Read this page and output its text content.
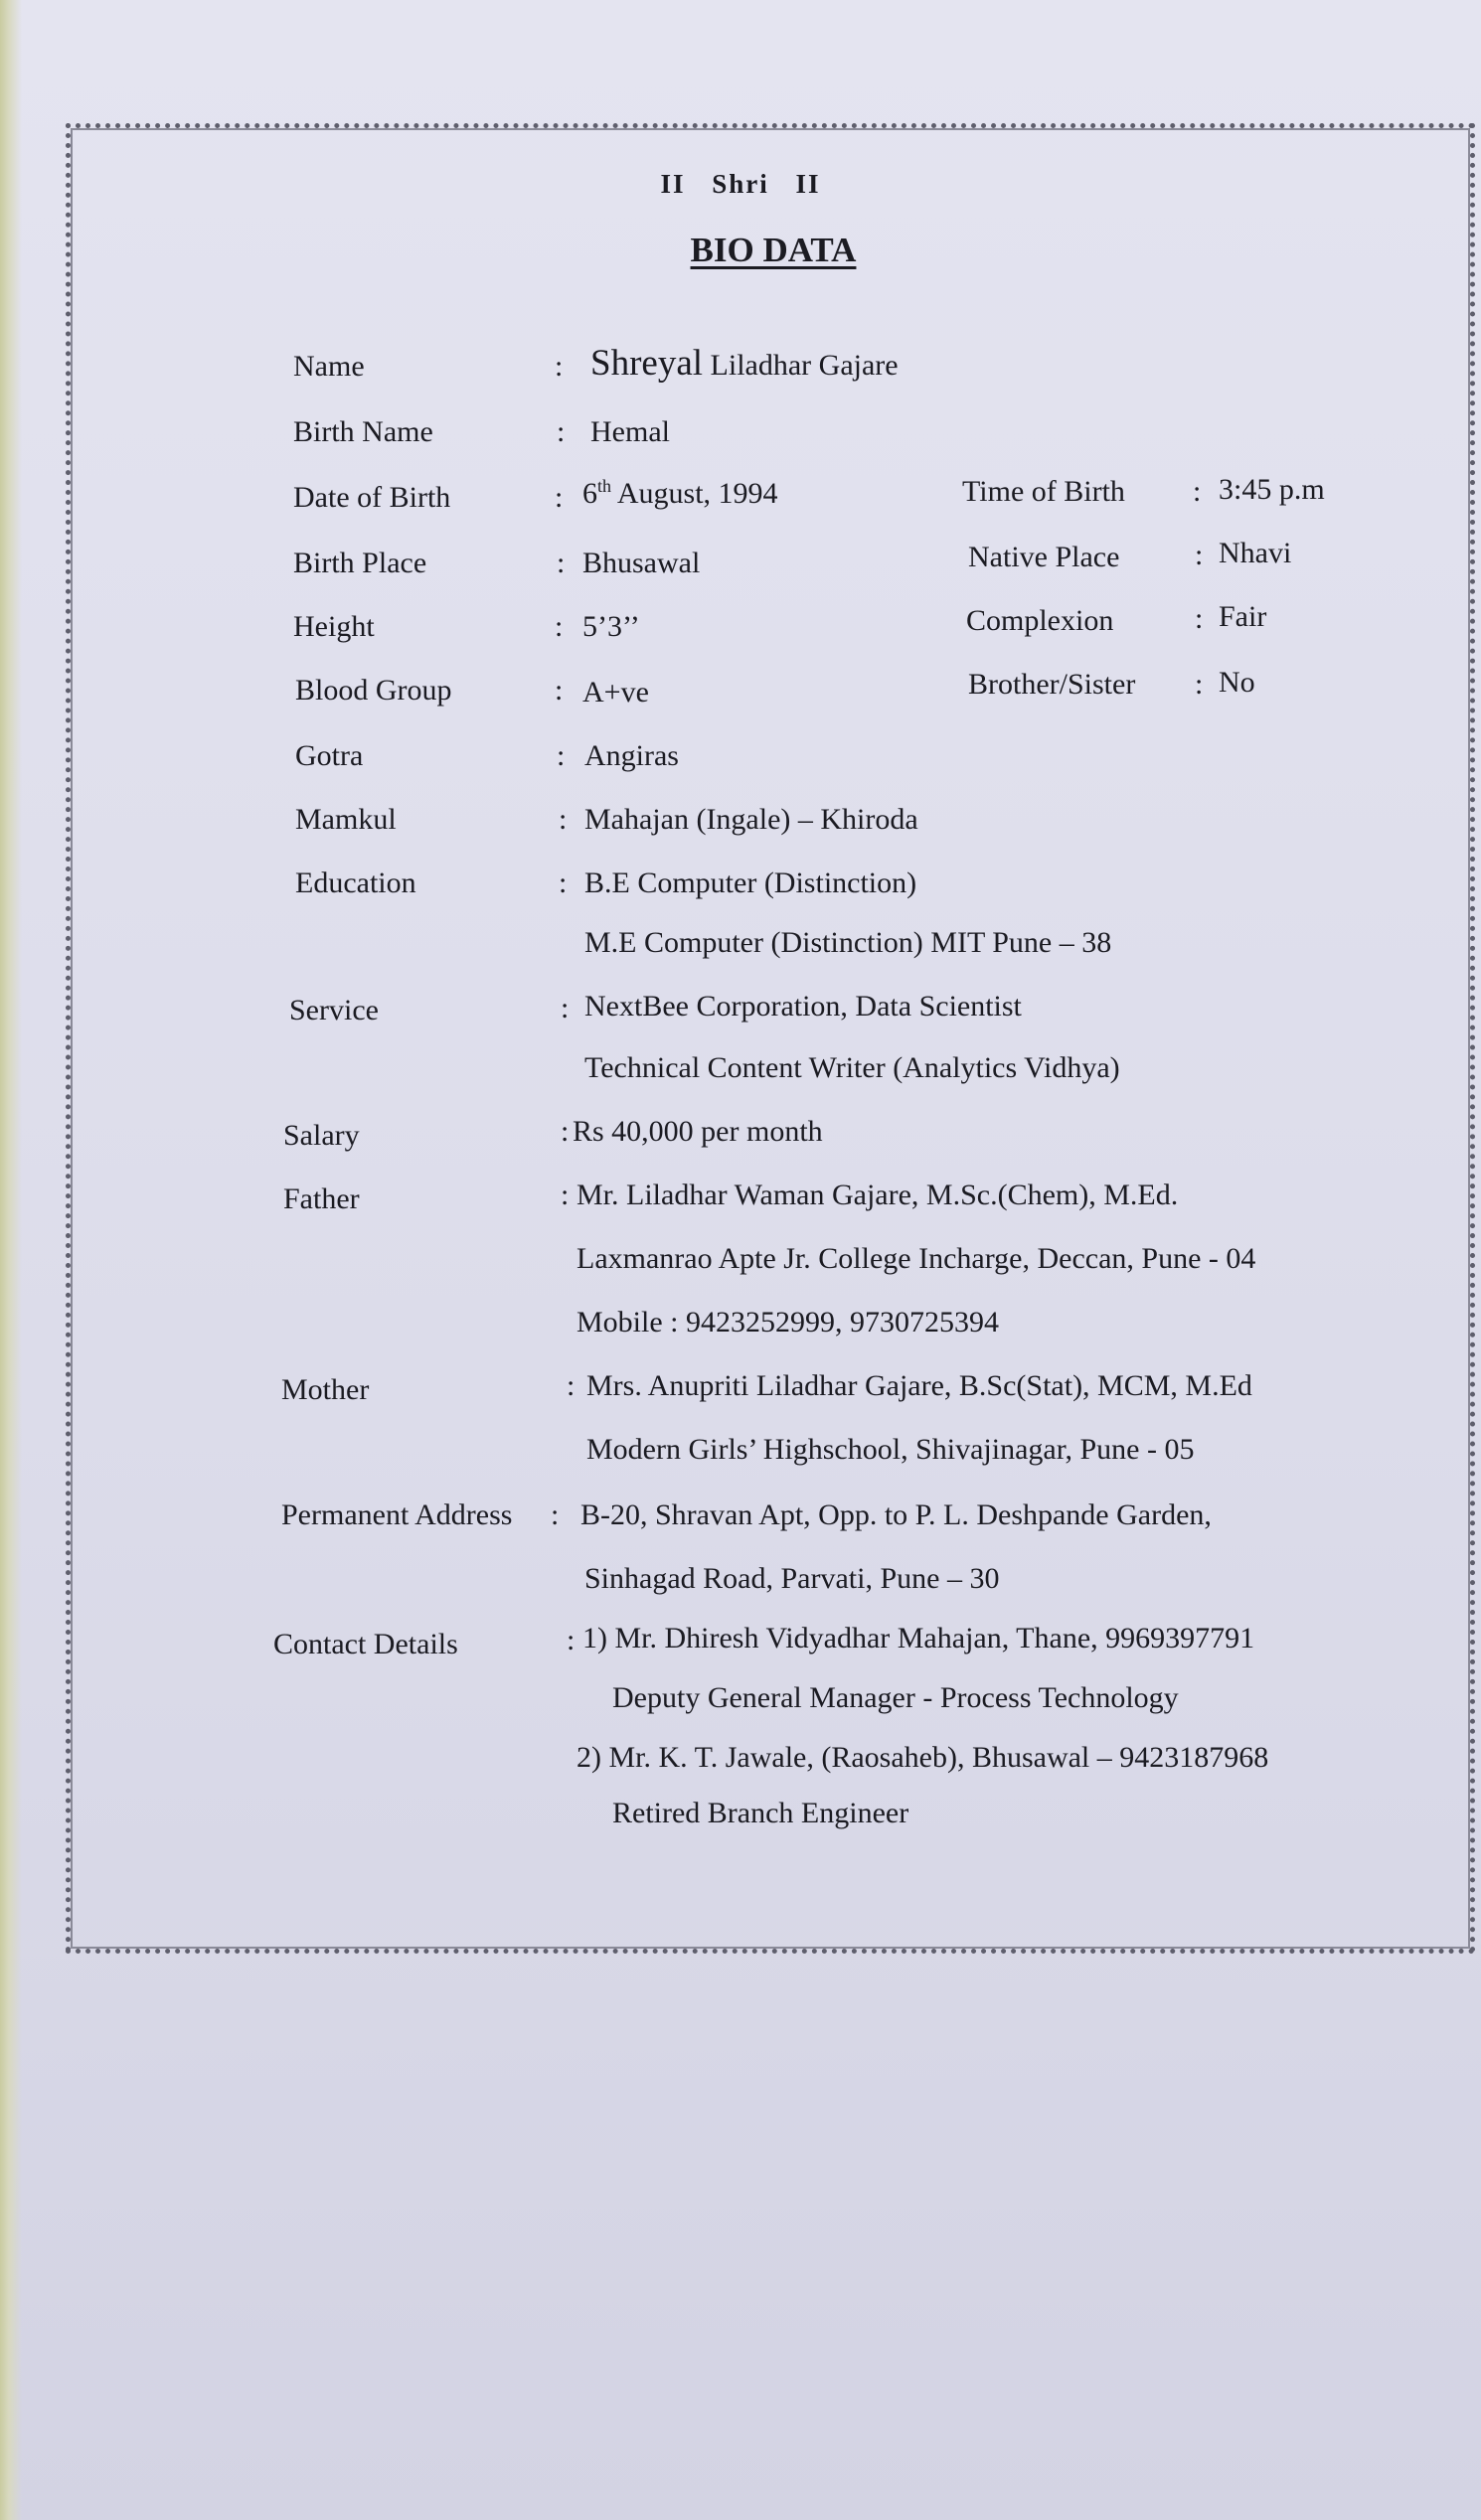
II Shri II
BIO DATA
Name	: Shreyal Liladhar Gajare
Birth Name	: Hemal
Date of Birth	: 6th August, 1994	Time of Birth : 3:45 p.m
Birth Place	: Bhusawal	Native Place	: Nhavi
Height	: 5’3’’	Complexion	: Fair
Blood Group	: A+ve	Brother/Sister : No
Gotra	: Angiras
Mamkul	: Mahajan (Ingale) – Khiroda
Education	: B.E Computer (Distinction)
M.E Computer (Distinction) MIT Pune – 38
Service	: NextBee Corporation, Data Scientist
Technical Content Writer (Analytics Vidhya)
Salary	: Rs 40,000 per month
Father	: Mr. Liladhar Waman Gajare, M.Sc.(Chem), M.Ed.
Laxmanrao Apte Jr. College Incharge, Deccan, Pune - 04
Mobile : 9423252999, 9730725394
Mother	: Mrs. Anupriti Liladhar Gajare, B.Sc(Stat), MCM, M.Ed
Modern Girls’ Highschool, Shivajinagar, Pune - 05
Permanent Address : B-20, Shravan Apt, Opp. to P. L. Deshpande Garden,
Sinhagad Road, Parvati, Pune – 30
Contact Details	: 1) Mr. Dhiresh Vidyadhar Mahajan, Thane, 9969397791
Deputy General Manager - Process Technology
2) Mr. K. T. Jawale, (Raosaheb), Bhusawal – 9423187968
Retired Branch Engineer
